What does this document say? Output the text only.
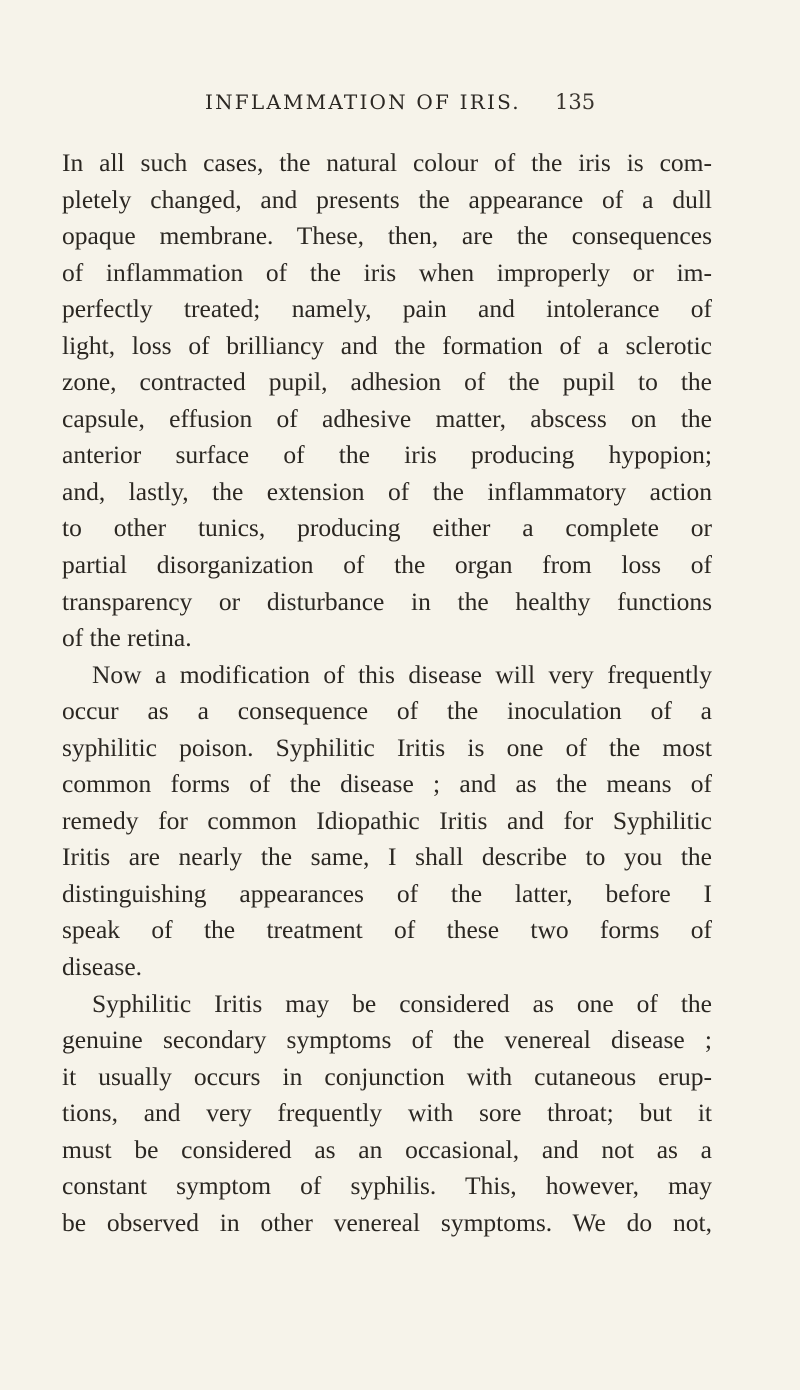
INFLAMMATION OF IRIS. 135
In all such cases, the natural colour of the iris is com-
pletely changed, and presents the appearance of a dull
opaque membrane. These, then, are the consequences
of inflammation of the iris when improperly or im-
perfectly treated; namely, pain and intolerance of
light, loss of brilliancy and the formation of a sclerotic
zone, contracted pupil, adhesion of the pupil to the
capsule, effusion of adhesive matter, abscess on the
anterior surface of the iris producing hypopion;
and, lastly, the extension of the inflammatory action
to other tunics, producing either a complete or
partial disorganization of the organ from loss of
transparency or disturbance in the healthy functions
of the retina.
Now a modification of this disease will very frequently
occur as a consequence of the inoculation of a
syphilitic poison. Syphilitic Iritis is one of the most
common forms of the disease ; and as the means of
remedy for common Idiopathic Iritis and for Syphilitic
Iritis are nearly the same, I shall describe to you the
distinguishing appearances of the latter, before I
speak of the treatment of these two forms of
disease.
Syphilitic Iritis may be considered as one of the
genuine secondary symptoms of the venereal disease ;
it usually occurs in conjunction with cutaneous erup-
tions, and very frequently with sore throat; but it
must be considered as an occasional, and not as a
constant symptom of syphilis. This, however, may
be observed in other venereal symptoms. We do not,
